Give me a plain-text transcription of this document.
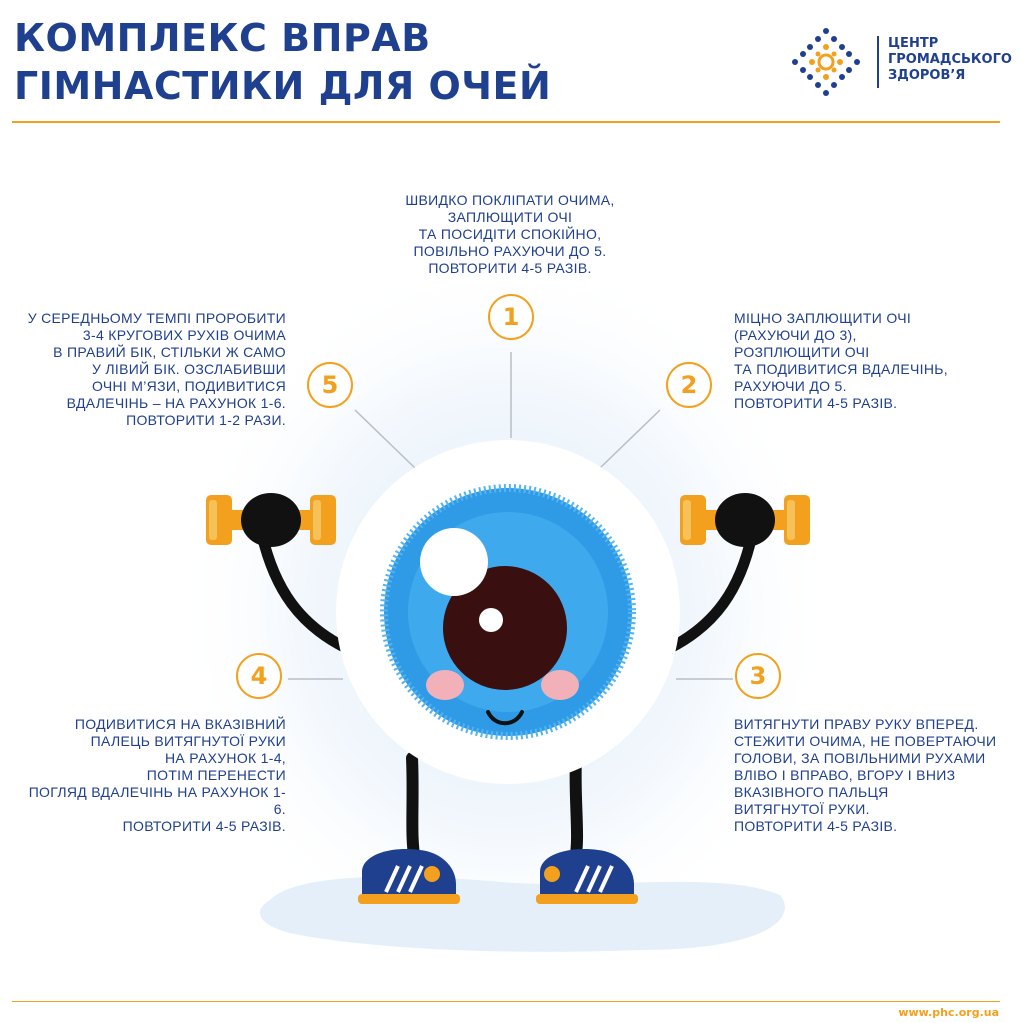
КОМПЛЕКС ВПРАВ
ГІМНАСТИКИ ДЛЯ ОЧЕЙ
ЦЕНТР
ГРОМАДСЬКОГО
ЗДОРОВ’Я

ШВИДКО ПОКЛІПАТИ ОЧИМА,
ЗАПЛЮЩИТИ ОЧІ
ТА ПОСИДІТИ СПОКІЙНО,
ПОВІЛЬНО РАХУЮЧИ ДО 5.
ПОВТОРИТИ 4-5 РАЗІВ.

МІЦНО ЗАПЛЮЩИТИ ОЧІ
(РАХУЮЧИ ДО 3),
РОЗПЛЮЩИТИ ОЧІ
ТА ПОДИВИТИСЯ ВДАЛЕЧІНЬ,
РАХУЮЧИ ДО 5.
ПОВТОРИТИ 4-5 РАЗІВ.

ВИТЯГНУТИ ПРАВУ РУКУ ВПЕРЕД.
СТЕЖИТИ ОЧИМА, НЕ ПОВЕРТАЮЧИ
ГОЛОВИ, ЗА ПОВІЛЬНИМИ РУХАМИ
ВЛІВО І ВПРАВО, ВГОРУ І ВНИЗ
ВКАЗІВНОГО ПАЛЬЦЯ
ВИТЯГНУТОЇ РУКИ.
ПОВТОРИТИ 4-5 РАЗІВ.

ПОДИВИТИСЯ НА ВКАЗІВНИЙ
ПАЛЕЦЬ ВИТЯГНУТОЇ РУКИ
НА РАХУНОК 1-4,
ПОТІМ ПЕРЕНЕСТИ
ПОГЛЯД ВДАЛЕЧІНЬ НА РАХУНОК 1-6.
ПОВТОРИТИ 4-5 РАЗІВ.

У СЕРЕДНЬОМУ ТЕМПІ ПРОРОБИТИ
3-4 КРУГОВИХ РУХІВ ОЧИМА
В ПРАВИЙ БІК, СТІЛЬКИ Ж САМО
У ЛІВИЙ БІК. ОЗСЛАБИВШИ
ОЧНІ М’ЯЗИ, ПОДИВИТИСЯ
ВДАЛЕЧІНЬ – НА РАХУНОК 1-6.
ПОВТОРИТИ 1-2 РАЗИ.

1
2
3
4
5
www.phc.org.ua
